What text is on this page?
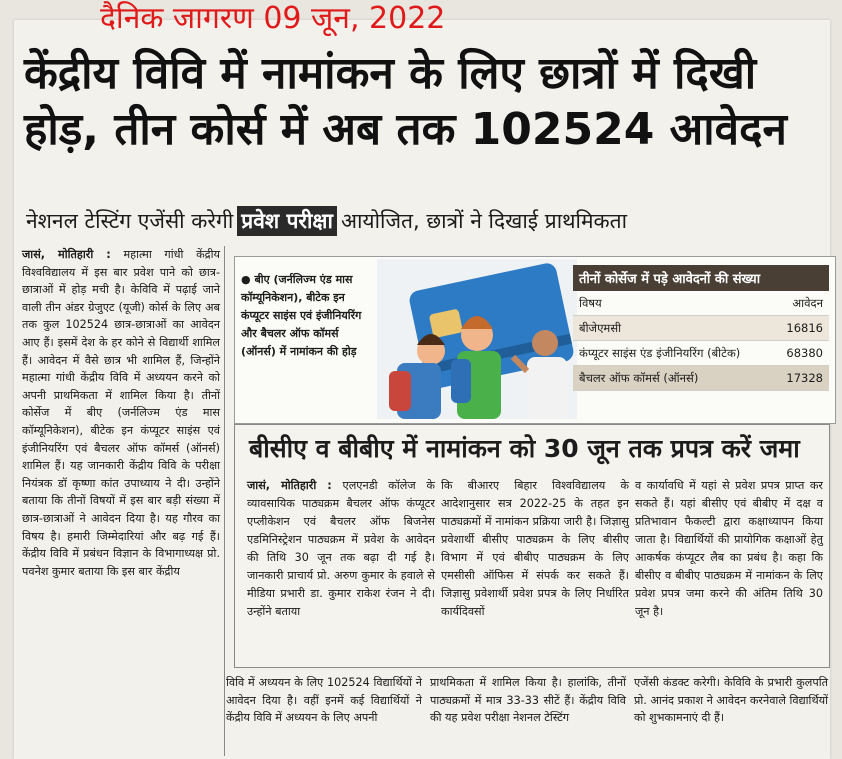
केंद्रीय विवि में नामांकन के लिए छात्रों में दिखी
होड़, तीन कोर्स में अब तक 102524 आवेदन
नेशनल टेस्टिंग एजेंसी करेगी प्रवेश परीक्षा आयोजित, छात्रों ने दिखाई प्राथमिकता

जासं, मोतिहारी : महात्मा गांधी केंद्रीय विश्वविद्यालय में इस बार प्रवेश पाने को छात्र-छात्राओं में होड़ मची है। केविवि में पढ़ाई जाने वाली तीन अंडर ग्रेजुएट (यूजी) कोर्स के लिए अब तक कुल 102524 छात्र-छात्राओं का आवेदन आए हैं। इसमें देश के हर कोने से विद्यार्थी शामिल हैं। आवेदन में वैसे छात्र भी शामिल हैं, जिन्होंने महात्मा गांधी केंद्रीय विवि में अध्ययन करने को अपनी प्राथमिकता में शामिल किया है। तीनों कोर्सेज में बीए (जर्नलिज्म एंड मास कॉम्यूनिकेशन), बीटेक इन कंप्यूटर साइंस एवं इंजीनियरिंग एवं बैचलर ऑफ कॉमर्स (ऑनर्स) शामिल हैं। यह जानकारी केंद्रीय विवि के परीक्षा नियंत्रक डॉ कृष्णा कांत उपाध्याय ने दी। उन्होंने बताया कि तीनों विषयों में इस बार बड़ी संख्या में छात्र-छात्राओं ने आवेदन दिया है। यह गौरव का विषय है। हमारी जिम्मेदारियां और बढ़ गई हैं। केंद्रीय विवि में प्रबंधन विज्ञान के विभागाध्यक्ष प्रो. पवनेश कुमार बताया कि इस बार केंद्रीय

● बीए (जर्नलिज्म एंड मास कॉम्यूनिकेशन), बीटेक इन कंप्यूटर साइंस एवं इंजीनियरिंग और बैचलर ऑफ कॉमर्स (ऑनर्स) में नामांकन की होड़
तीनों कोर्सेज में पड़े आवेदनों की संख्या
विषय	आवेदन
बीजेएमसी	16816
कंप्यूटर साइंस एंड इंजीनियरिंग (बीटेक)	68380
बैचलर ऑफ कॉमर्स (ऑनर्स)	17328
बीसीए व बीबीए में नामांकन को 30 जून तक प्रपत्र करें जमा

जासं, मोतिहारी : एलएनडी कॉलेज के व्यावसायिक पाठ्यक्रम बैचलर ऑफ कंप्यूटर एप्लीकेशन एवं बैचलर ऑफ बिजनेस एडमिनिस्ट्रेशन पाठ्यक्रम में प्रवेश के आवेदन की तिथि 30 जून तक बढ़ा दी गई है। जानकारी प्राचार्य प्रो. अरुण कुमार के हवाले से मीडिया प्रभारी डा. कुमार राकेश रंजन ने दी। उन्होंने बताया

कि बीआरए बिहार विश्वविद्यालय के आदेशानुसार सत्र 2022-25 के तहत इन पाठ्यक्रमों में नामांकन प्रक्रिया जारी है। जिज्ञासु प्रवेशार्थी बीसीए पाठ्यक्रम के लिए बीसीए विभाग में एवं बीबीए पाठ्यक्रम के लिए एमसीसी ऑफिस में संपर्क कर सकते हैं। जिज्ञासु प्रवेशार्थी प्रवेश प्रपत्र के लिए निर्धारित कार्यदिवसों

व कार्यावधि में यहां से प्रवेश प्रपत्र प्राप्त कर सकते हैं। यहां बीसीए एवं बीबीए में दक्ष व प्रतिभावान फैकल्टी द्वारा कक्षाध्यापन किया जाता है। विद्यार्थियों की प्रायोगिक कक्षाओं हेतु आकर्षक कंप्यूटर लैब का प्रबंध है। कहा कि बीसीए व बीबीए पाठ्यक्रम में नामांकन के लिए प्रवेश प्रपत्र जमा करने की अंतिम तिथि 30 जून है।

विवि में अध्ययन के लिए 102524 विद्यार्थियों ने आवेदन दिया है। वहीं इनमें कई विद्यार्थियों ने केंद्रीय विवि में अध्ययन के लिए अपनी

प्राथमिकता में शामिल किया है। हालांकि, तीनों पाठ्यक्रमों में मात्र 33-33 सीटें हैं। केंद्रीय विवि की यह प्रवेश परीक्षा नेशनल टेस्टिंग

एजेंसी कंडक्ट करेगी। केविवि के प्रभारी कुलपति प्रो. आनंद प्रकाश ने आवेदन करनेवाले विद्यार्थियों को शुभकामनाएं दी हैं।

दैनिक जागरण 09 जून, 2022
